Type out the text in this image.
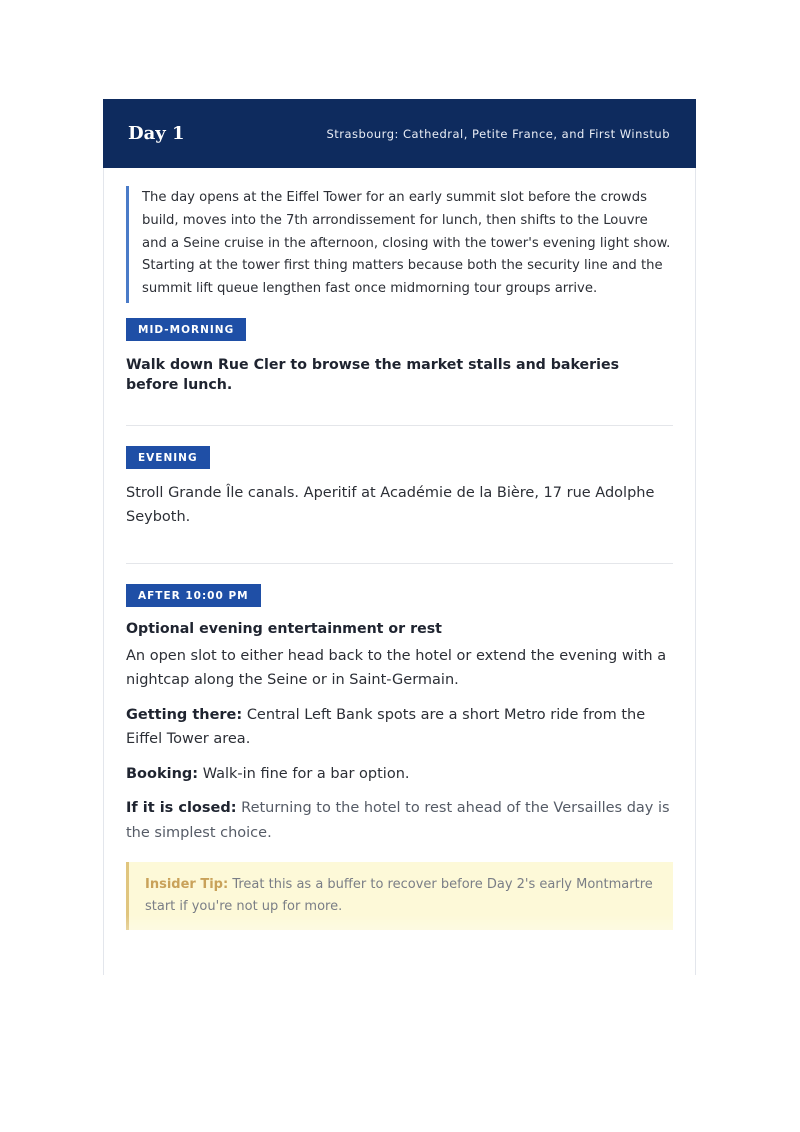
Day 1	Strasbourg: Cathedral, Petite France, and First Winstub
The day opens at the Eiffel Tower for an early summit slot before the crowds build, moves into the 7th arrondissement for lunch, then shifts to the Louvre and a Seine cruise in the afternoon, closing with the tower's evening light show. Starting at the tower first thing matters because both the security line and the summit lift queue lengthen fast once midmorning tour groups arrive.
MID-MORNING
Walk down Rue Cler to browse the market stalls and bakeries before lunch.
EVENING
Stroll Grande Île canals. Aperitif at Académie de la Bière, 17 rue Adolphe Seyboth.
AFTER 10:00 PM
Optional evening entertainment or rest
An open slot to either head back to the hotel or extend the evening with a nightcap along the Seine or in Saint-Germain.
Getting there: Central Left Bank spots are a short Metro ride from the Eiffel Tower area.
Booking: Walk-in fine for a bar option.
If it is closed: Returning to the hotel to rest ahead of the Versailles day is the simplest choice.
Insider Tip: Treat this as a buffer to recover before Day 2's early Montmartre start if you're not up for more.
